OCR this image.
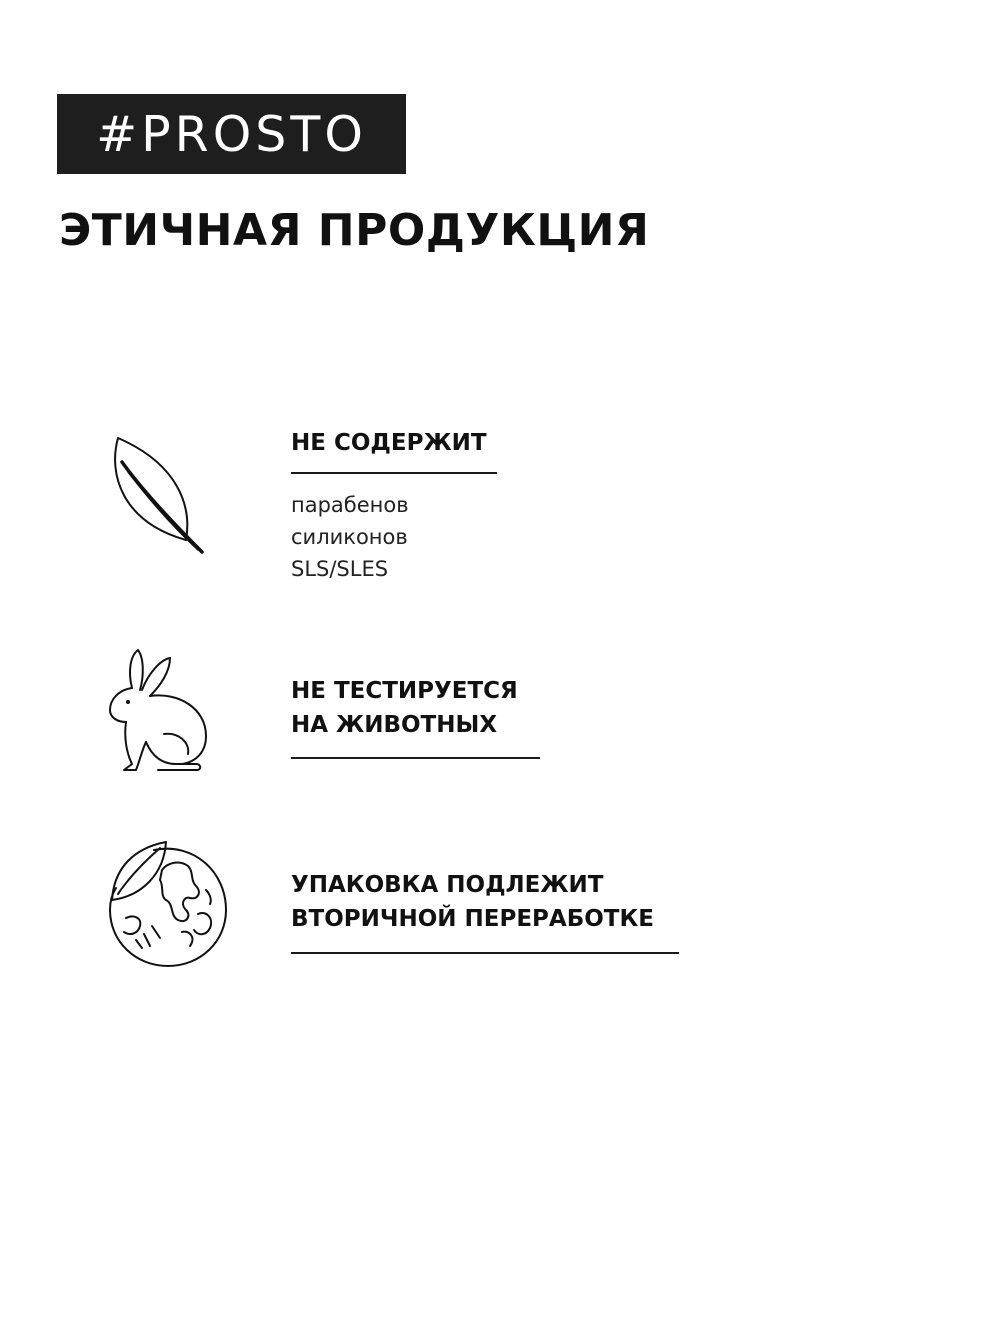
#PROSTO
ЭТИЧНАЯ ПРОДУКЦИЯ
НЕ СОДЕРЖИТ
парабенов
силиконов
SLS/SLES
НЕ ТЕСТИРУЕТСЯ
НА ЖИВОТНЫХ
УПАКОВКА ПОДЛЕЖИТ
ВТОРИЧНОЙ ПЕРЕРАБОТКЕ
